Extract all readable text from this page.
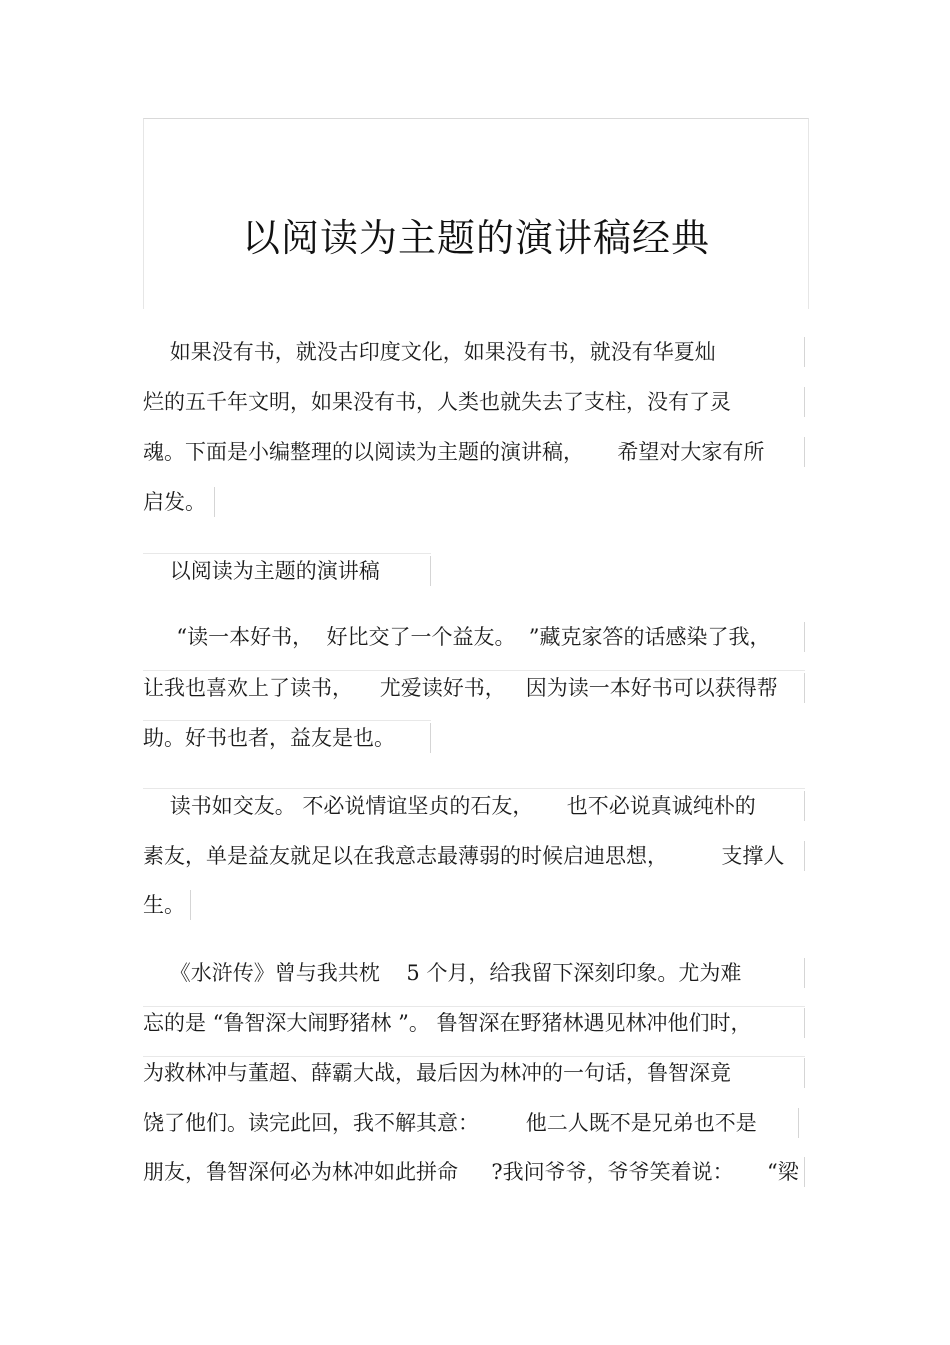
以阅读为主题的演讲稿经典
如果没有书，就没古印度文化，如果没有书，就没有华夏灿
烂的五千年文明，如果没有书，人类也就失去了支柱，没有了灵
魂。下面是小编整理的以阅读为主题的演讲稿，     希望对大家有所
启发。
以阅读为主题的演讲稿
“读一本好书，  好比交了一个益友。  ”藏克家答的话感染了我，
让我也喜欢上了读书，    尤爱读好书，   因为读一本好书可以获得帮
助。好书也者，益友是也。
读书如交友。 不必说情谊坚贞的石友，     也不必说真诚纯朴的
素友，单是益友就足以在我意志最薄弱的时候启迪思想，        支撑人
生。
《水浒传》曾与我共枕    5 个月，给我留下深刻印象。尤为难
忘的是 “鲁智深大闹野猪林 ”。 鲁智深在野猪林遇见林冲他们时，
为救林冲与董超、薛霸大战，最后因为林冲的一句话，鲁智深竟
饶了他们。读完此回，我不解其意：       他二人既不是兄弟也不是
朋友，鲁智深何必为林冲如此拼命     ?我问爷爷，爷爷笑着说：     “梁
